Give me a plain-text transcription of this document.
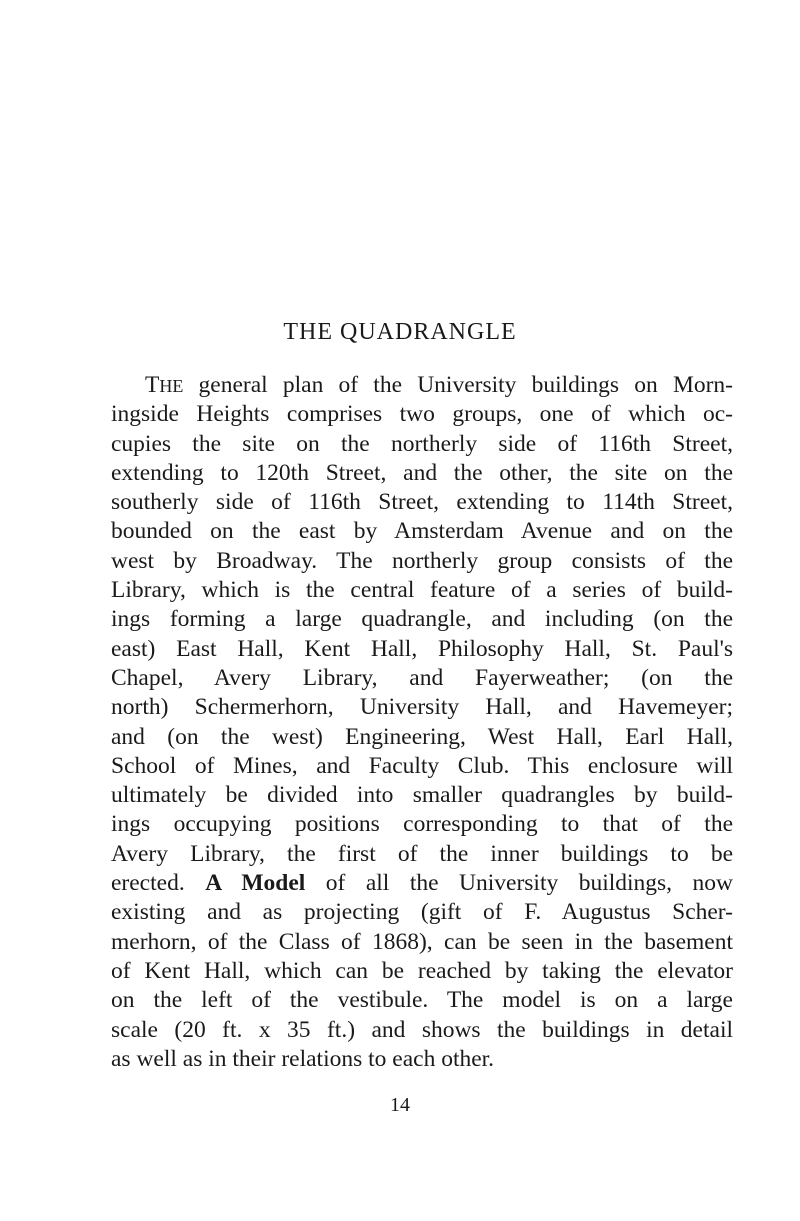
THE QUADRANGLE
THE general plan of the University buildings on Morn-
ingside Heights comprises two groups, one of which oc-
cupies the site on the northerly side of 116th Street,
extending to 120th Street, and the other, the site on the
southerly side of 116th Street, extending to 114th Street,
bounded on the east by Amsterdam Avenue and on the
west by Broadway. The northerly group consists of the
Library, which is the central feature of a series of build-
ings forming a large quadrangle, and including (on the
east) East Hall, Kent Hall, Philosophy Hall, St. Paul's
Chapel, Avery Library, and Fayerweather; (on the
north) Schermerhorn, University Hall, and Havemeyer;
and (on the west) Engineering, West Hall, Earl Hall,
School of Mines, and Faculty Club. This enclosure will
ultimately be divided into smaller quadrangles by build-
ings occupying positions corresponding to that of the
Avery Library, the first of the inner buildings to be
erected. A Model of all the University buildings, now
existing and as projecting (gift of F. Augustus Scher-
merhorn, of the Class of 1868), can be seen in the basement
of Kent Hall, which can be reached by taking the elevator
on the left of the vestibule. The model is on a large
scale (20 ft. x 35 ft.) and shows the buildings in detail
as well as in their relations to each other.
14
